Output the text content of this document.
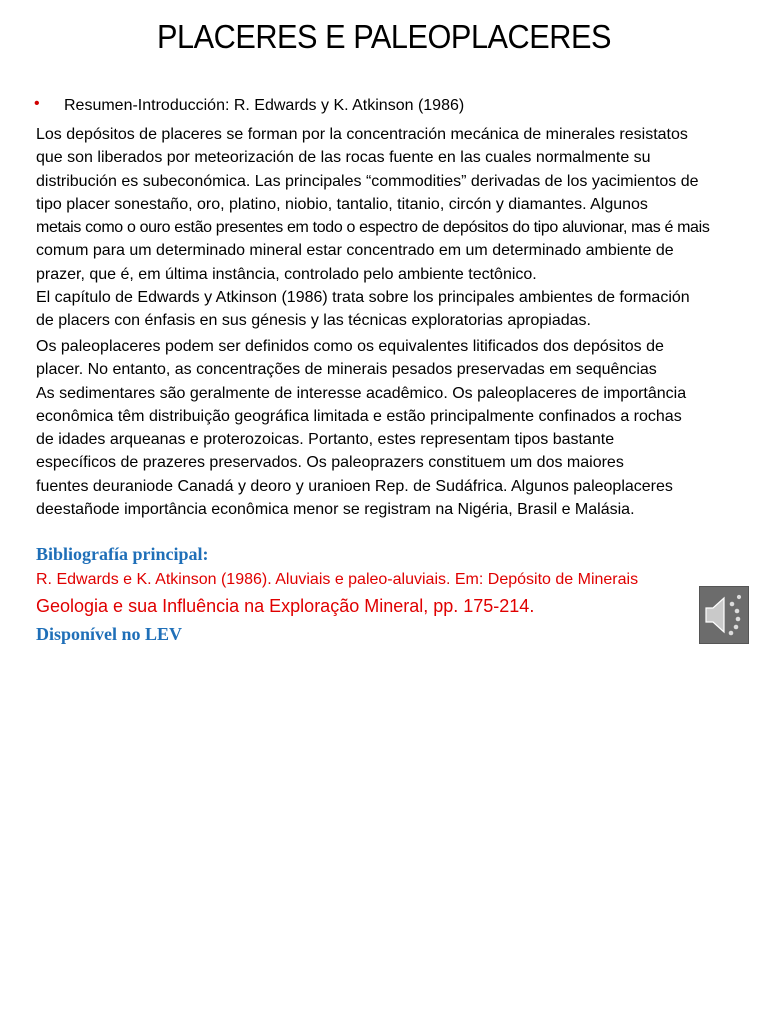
PLACERES E PALEOPLACERES
• Resumen-Introducción: R. Edwards y K. Atkinson (1986)
Los depósitos de placeres se forman por la concentración mecánica de minerales resistatos
que son liberados por meteorización de las rocas fuente en las cuales normalmente su
distribución es subeconómica. Las principales “commodities” derivadas de los yacimientos de
tipo placer sonestaño, oro, platino, niobio, tantalio, titanio, circón y diamantes. Algunos
metais como o ouro estão presentes em todo o espectro de depósitos do tipo aluvionar, mas é mais
comum para um determinado mineral estar concentrado em um determinado ambiente de
prazer, que é, em última instância, controlado pelo ambiente tectônico.
El capítulo de Edwards y Atkinson (1986) trata sobre los principales ambientes de formación
de placers con énfasis en sus génesis y las técnicas exploratorias apropiadas.
Os paleoplaceres podem ser definidos como os equivalentes litificados dos depósitos de
placer. No entanto, as concentrações de minerais pesados preservadas em sequências
As sedimentares são geralmente de interesse acadêmico. Os paleoplaceres de importância
econômica têm distribuição geográfica limitada e estão principalmente confinados a rochas
de idades arqueanas e proterozoicas. Portanto, estes representam tipos bastante
específicos de prazeres preservados. Os paleoprazers constituem um dos maiores
fuentes deuraniode Canadá y deoro y uranioen Rep. de Sudáfrica. Algunos paleoplaceres
deestañode importância econômica menor se registram na Nigéria, Brasil e Malásia.
Bibliografía principal:
R. Edwards e K. Atkinson (1986). Aluviais e paleo-aluviais. Em: Depósito de Minerais
Geologia e sua Influência na Exploração Mineral, pp. 175-214.
Disponível no LEV
